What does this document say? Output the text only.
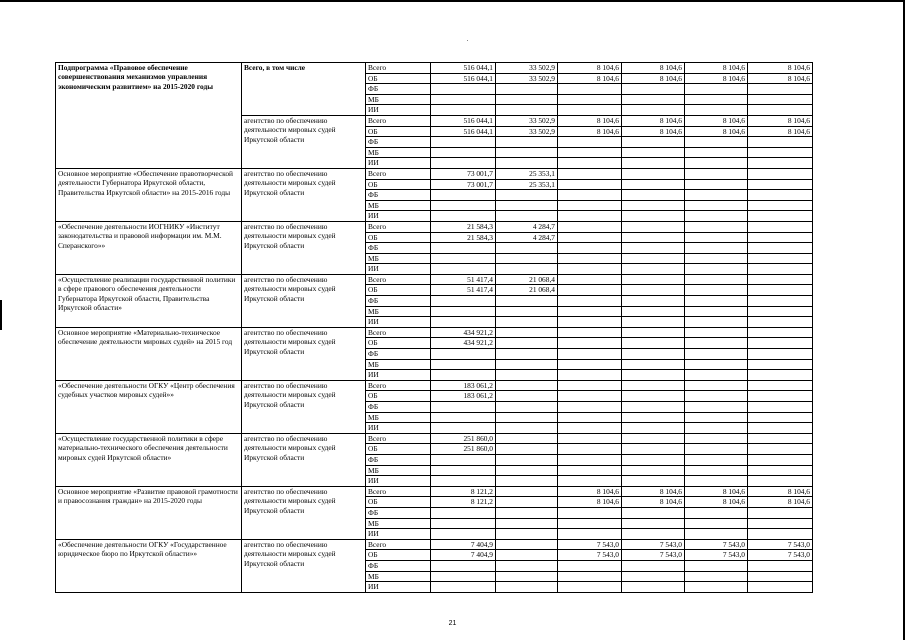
Подпрограмма «Правовое обеспечение совершенствования механизмов управления экономическим развитием» на 2015-2020 годы	Всего, в том числе	Всего	516 044,1	33 502,9	8 104,6	8 104,6	8 104,6	8 104,6
		ОБ	516 044,1	33 502,9	8 104,6	8 104,6	8 104,6	8 104,6
		ФБ						
		МБ						
		ИИ						
	агентство по обеспечению деятельности мировых судей Иркутской области	Всего	516 044,1	33 502,9	8 104,6	8 104,6	8 104,6	8 104,6
		ОБ	516 044,1	33 502,9	8 104,6	8 104,6	8 104,6	8 104,6
		ФБ						
		МБ						
		ИИ						
Основное мероприятие «Обеспечение правотворческой деятельности Губернатора Иркутской области, Правительства Иркутской области» на 2015-2016 годы	агентство по обеспечению деятельности мировых судей Иркутской области	Всего	73 001,7	25 353,1				
		ОБ	73 001,7	25 353,1				
		ФБ						
		МБ						
		ИИ						
«Обеспечение деятельности ИОГНИКУ «Институт законодательства и правовой информации им. М.М. Сперанского»»	агентство по обеспечению деятельности мировых судей Иркутской области	Всего	21 584,3	4 284,7				
		ОБ	21 584,3	4 284,7				
		ФБ						
		МБ						
		ИИ						
«Осуществление реализации государственной политики в сфере правового обеспечения деятельности Губернатора Иркутской области, Правительства Иркутской области»	агентство по обеспечению деятельности мировых судей Иркутской области	Всего	51 417,4	21 068,4				
		ОБ	51 417,4	21 068,4				
		ФБ						
		МБ						
		ИИ						
Основное мероприятие «Материально-техническое обеспечение деятельности мировых судей» на 2015 год	агентство по обеспечению деятельности мировых судей Иркутской области	Всего	434 921,2					
		ОБ	434 921,2					
		ФБ						
		МБ						
		ИИ						
«Обеспечение деятельности ОГКУ «Центр обеспечения судебных участков мировых судей»»	агентство по обеспечению деятельности мировых судей Иркутской области	Всего	183 061,2					
		ОБ	183 061,2					
		ФБ						
		МБ						
		ИИ						
«Осуществление государственной политики в сфере материально-технического обеспечения деятельности мировых судей Иркутской области»	агентство по обеспечению деятельности мировых судей Иркутской области	Всего	251 860,0					
		ОБ	251 860,0					
		ФБ						
		МБ						
		ИИ						
Основное мероприятие «Развитие правовой грамотности и правосознания граждан» на 2015-2020 годы	агентство по обеспечению деятельности мировых судей Иркутской области	Всего	8 121,2		8 104,6	8 104,6	8 104,6	8 104,6
		ОБ	8 121,2		8 104,6	8 104,6	8 104,6	8 104,6
		ФБ						
		МБ						
		ИИ						
«Обеспечение деятельности ОГКУ «Государственное юридическое бюро по Иркутской области»»	агентство по обеспечению деятельности мировых судей Иркутской области	Всего	7 404,9		7 543,0	7 543,0	7 543,0	7 543,0
		ОБ	7 404,9		7 543,0	7 543,0	7 543,0	7 543,0
		ФБ						
		МБ						
		ИИ						
21
